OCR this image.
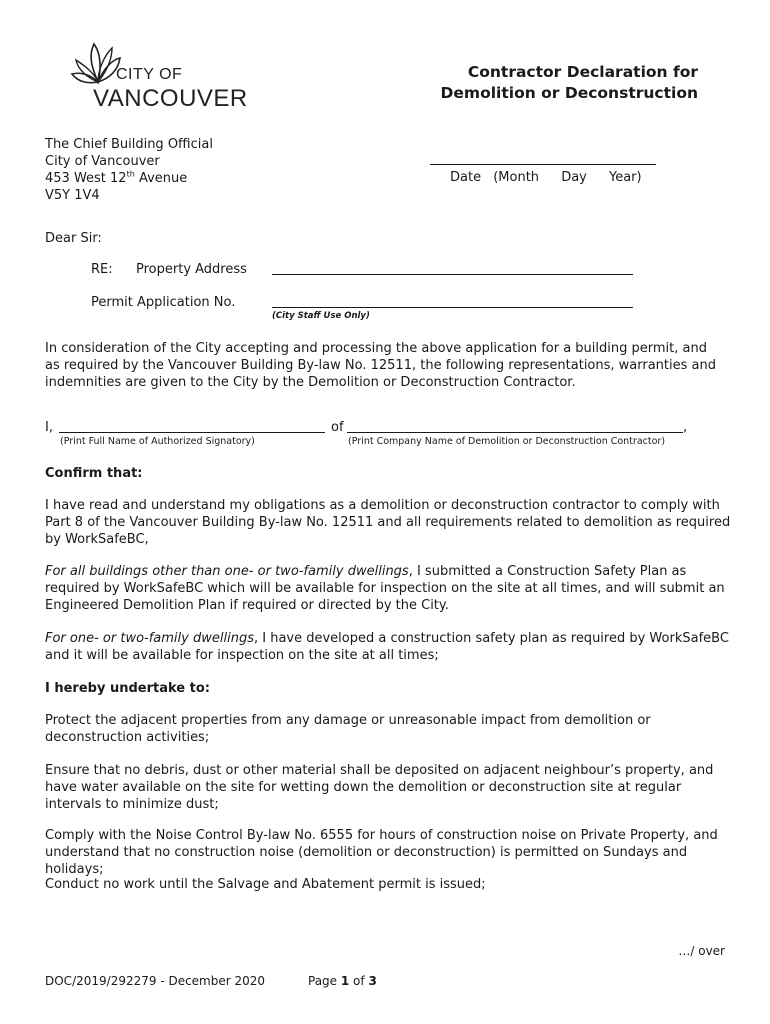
CITY OF
VANCOUVER
Contractor Declaration for
Demolition or Deconstruction
The Chief Building Official
City of Vancouver
453 West 12th Avenue
V5Y 1V4
Date (Month Day Year)
Dear Sir:
RE: Property Address
Permit Application No.
(City Staff Use Only)
In consideration of the City accepting and processing the above application for a building permit, and as required by the Vancouver Building By-law No. 12511, the following representations, warranties and indemnities are given to the City by the Demolition or Deconstruction Contractor.
I,	of	,
(Print Full Name of Authorized Signatory)	(Print Company Name of Demolition or Deconstruction Contractor)
Confirm that:
I have read and understand my obligations as a demolition or deconstruction contractor to comply with Part 8 of the Vancouver Building By-law No. 12511 and all requirements related to demolition as required by WorkSafeBC,
For all buildings other than one- or two-family dwellings, I submitted a Construction Safety Plan as required by WorkSafeBC which will be available for inspection on the site at all times, and will submit an Engineered Demolition Plan if required or directed by the City.
For one- or two-family dwellings, I have developed a construction safety plan as required by WorkSafeBC and it will be available for inspection on the site at all times;
I hereby undertake to:
Protect the adjacent properties from any damage or unreasonable impact from demolition or deconstruction activities;
Ensure that no debris, dust or other material shall be deposited on adjacent neighbour’s property, and have water available on the site for wetting down the demolition or deconstruction site at regular intervals to minimize dust;
Comply with the Noise Control By-law No. 6555 for hours of construction noise on Private Property, and understand that no construction noise (demolition or deconstruction) is permitted on Sundays and holidays;
Conduct no work until the Salvage and Abatement permit is issued;
…/ over
DOC/2019/292279 - December 2020	Page 1 of 3
